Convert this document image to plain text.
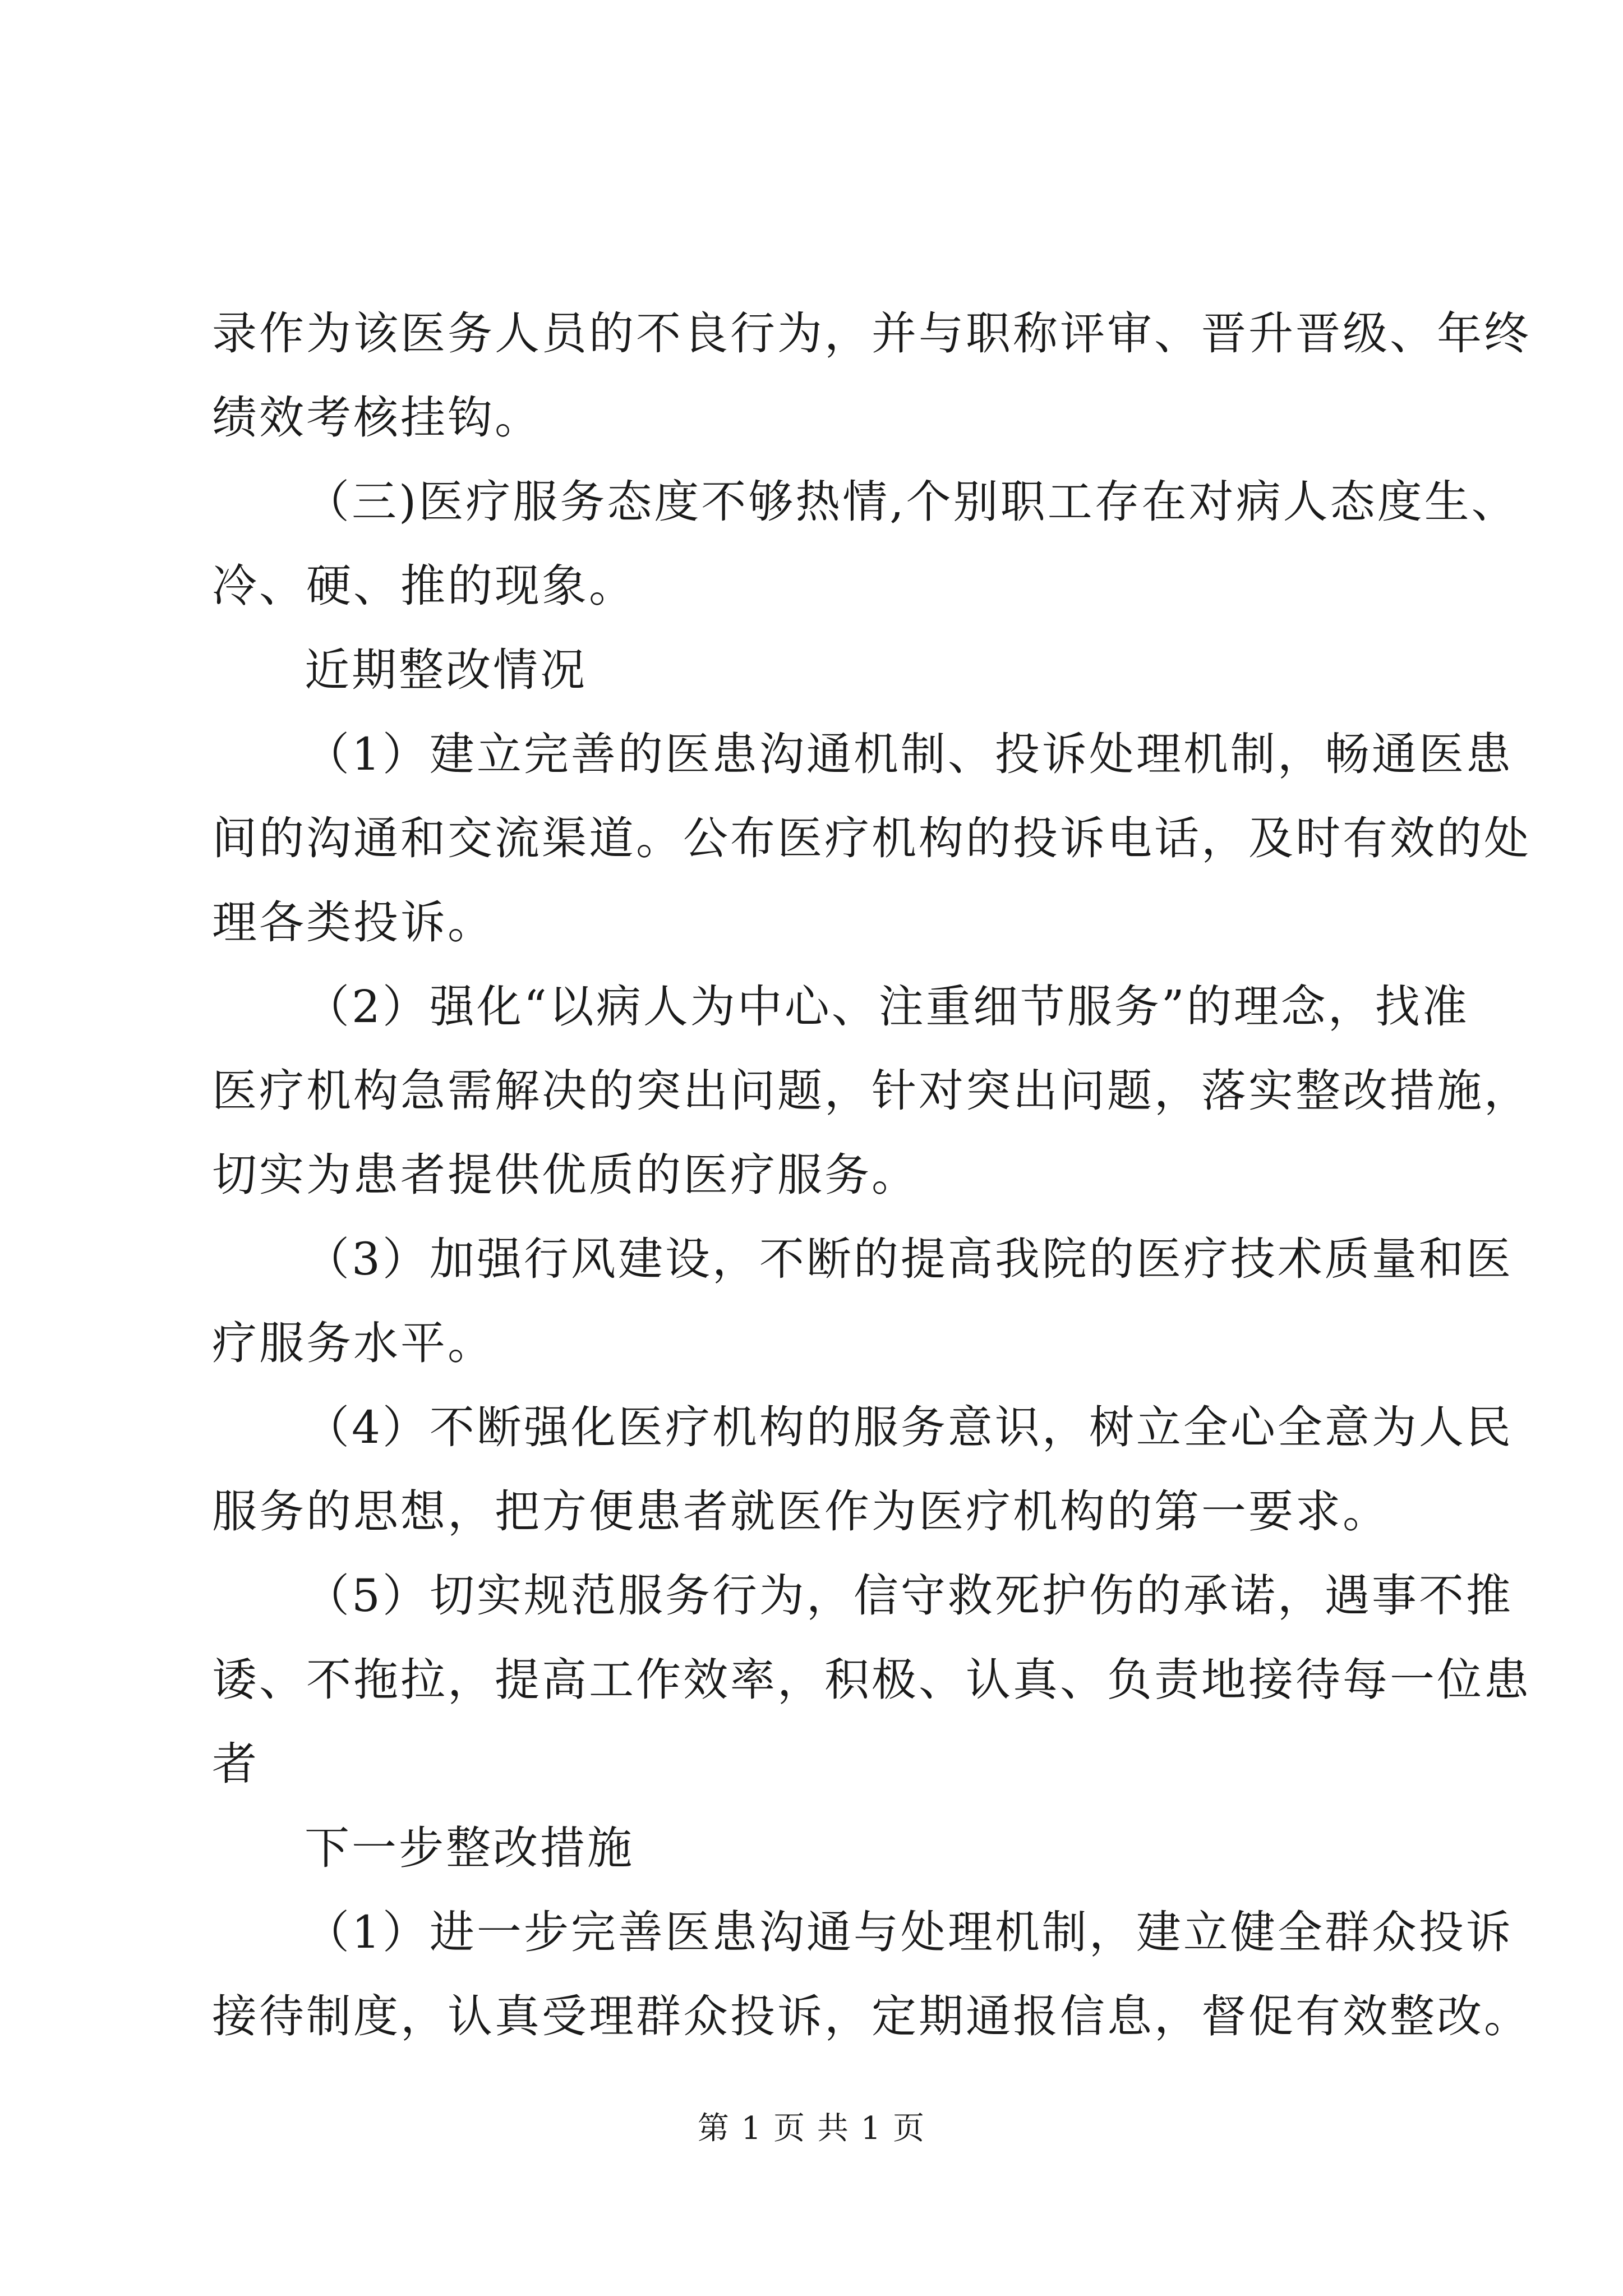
录作为该医务人员的不良行为，并与职称评审、晋升晋级、年终
绩效考核挂钩。
（三)医疗服务态度不够热情,个别职工存在对病人态度生、
冷、硬、推的现象。
近期整改情况
（1）建立完善的医患沟通机制、投诉处理机制，畅通医患
间的沟通和交流渠道。公布医疗机构的投诉电话，及时有效的处
理各类投诉。
（2）强化“以病人为中心、注重细节服务”的理念，找准
医疗机构急需解决的突出问题，针对突出问题，落实整改措施，
切实为患者提供优质的医疗服务。
（3）加强行风建设，不断的提高我院的医疗技术质量和医
疗服务水平。
（4）不断强化医疗机构的服务意识，树立全心全意为人民
服务的思想，把方便患者就医作为医疗机构的第一要求。
（5）切实规范服务行为，信守救死护伤的承诺，遇事不推
诿、不拖拉，提高工作效率，积极、认真、负责地接待每一位患
者
下一步整改措施
（1）进一步完善医患沟通与处理机制，建立健全群众投诉
接待制度，认真受理群众投诉，定期通报信息，督促有效整改。
第 1 页 共 1 页
